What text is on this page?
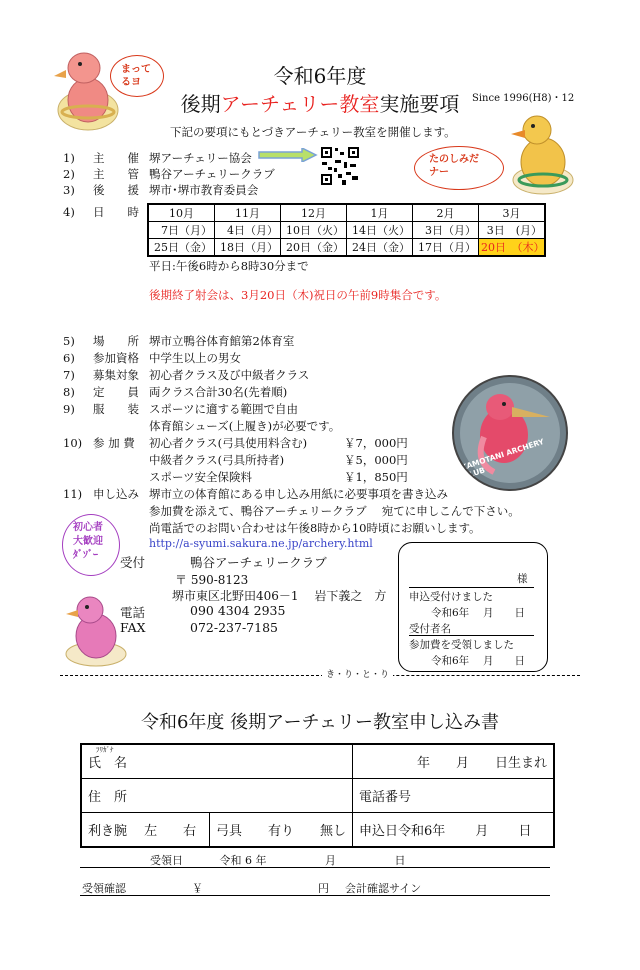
令和6年度
後期アーチェリー教室実施要項	Since 1996(H8)・12
下記の要項にもとづきアーチェリー教室を開催します。
まって
るヨ
たのしみだ
ナー
1) 主　　催 堺アーチェリー協会
2) 主　　管 鴨谷アーチェリークラブ
3) 後　　援 堺市･堺市教育委員会
4) 日　　時	10月	11月	12月	1月	2月	3月
7日（月）	4日（月）	10日（火）	14日（火）	3日（月）	3日　(月）
25日（金）	18日（月）	20日（金）	24日（金）	17日（月）	20日　（木）
平日:午後6時から8時30分まで
後期終了射会は、3月20日（木)祝日の午前9時集合です。
5) 場　　所 堺市立鴨谷体育館第2体育室
6) 参加資格 中学生以上の男女
7) 募集対象 初心者クラス及び中級者クラス
8) 定　　員 両クラス合計30名(先着順)
9) 服　　装 スポーツに適する範囲で自由
体育館シューズ(上履き)が必要です。
10) 参 加 費	初心者クラス(弓具使用料含む)	￥7，000円
中級者クラス(弓具所持者)	￥5，000円
スポーツ安全保険料	￥1，850円
11) 申し込み 堺市立の体育館にある申し込み用紙に必要事項を書き込み
参加費を添えて、鴨谷アーチェリークラブ　 宛てに申しこんで下さい。
尚電話でのお問い合わせは午後8時から10時頃にお願いします。
http://a-syumi.sakura.ne.jp/archery.html
KAMOTANI ARCHERY CLUB
初心者
大歓迎
ﾀﾞｿﾞｰ	受付	鴨谷アーチェリークラブ
〒 590-8123
堺市東区北野田406－1　 岩下義之　方
電話	090 4304 2935
FAX	072-237-7185
様
申込受付けました
令和6年　 月　　日
受付者名
参加費を受領しました
令和6年　 月　　日
き・り・と・り
令和6年度 後期アーチェリー教室申し込み書
ﾌﾘｶﾞﾅ
氏　名		年　　月　　日生まれ
住　所		電話番号
利き腕　 左　　右	弓具　　有り　　無し	申込日令和6年　　 月　　 日
受領日　　　 令和 6 年　　　　　 月　　　　　 日
受領確認	￥	円 会計確認サイン
